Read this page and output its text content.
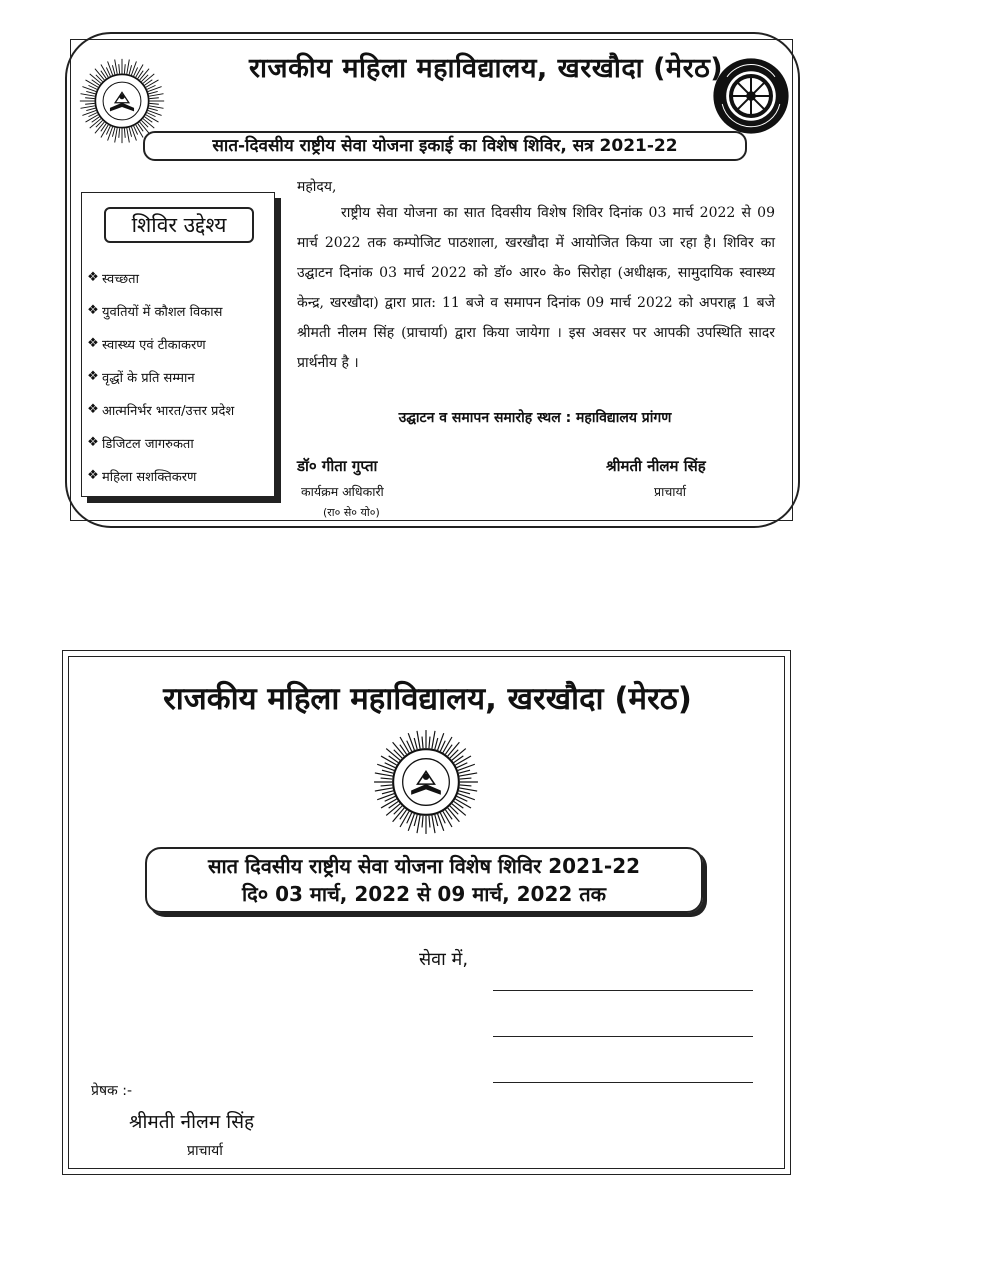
राजकीय महिला महाविद्यालय, खरखौदा (मेरठ)
सात-दिवसीय राष्ट्रीय सेवा योजना इकाई का विशेष शिविर, सत्र 2021-22
शिविर उद्देश्य
❖ स्वच्छता
❖ युवतियों में कौशल विकास
❖ स्वास्थ्य एवं टीकाकरण
❖ वृद्धों के प्रति सम्मान
❖ आत्मनिर्भर भारत/उत्तर प्रदेश
❖ डिजिटल जागरुकता
❖ महिला सशक्तिकरण
महोदय,
राष्ट्रीय सेवा योजना का सात दिवसीय विशेष शिविर दिनांक 03 मार्च 2022 से 09 मार्च 2022 तक कम्पोजिट पाठशाला, खरखौदा में आयोजित किया जा रहा है। शिविर का उद्घाटन दिनांक 03 मार्च 2022 को डॉ० आर० के० सिरोहा (अधीक्षक, सामुदायिक स्वास्थ्य केन्द्र, खरखौदा) द्वारा प्रात: 11 बजे व समापन दिनांक 09 मार्च 2022 को अपराह्न 1 बजे श्रीमती नीलम सिंह (प्राचार्या) द्वारा किया जायेगा । इस अवसर पर आपकी उपस्थिति सादर प्रार्थनीय है ।
उद्घाटन व समापन समारोह स्थल : महाविद्यालय प्रांगण
डॉ० गीता गुप्ता
कार्यक्रम अधिकारी
(रा० से० यो०)
श्रीमती नीलम सिंह
प्राचार्या
राजकीय महिला महाविद्यालय, खरखौदा (मेरठ)
सात दिवसीय राष्ट्रीय सेवा योजना विशेष शिविर 2021-22
दि० 03 मार्च, 2022 से 09 मार्च, 2022 तक
सेवा में,
प्रेषक :-
श्रीमती नीलम सिंह
प्राचार्या
